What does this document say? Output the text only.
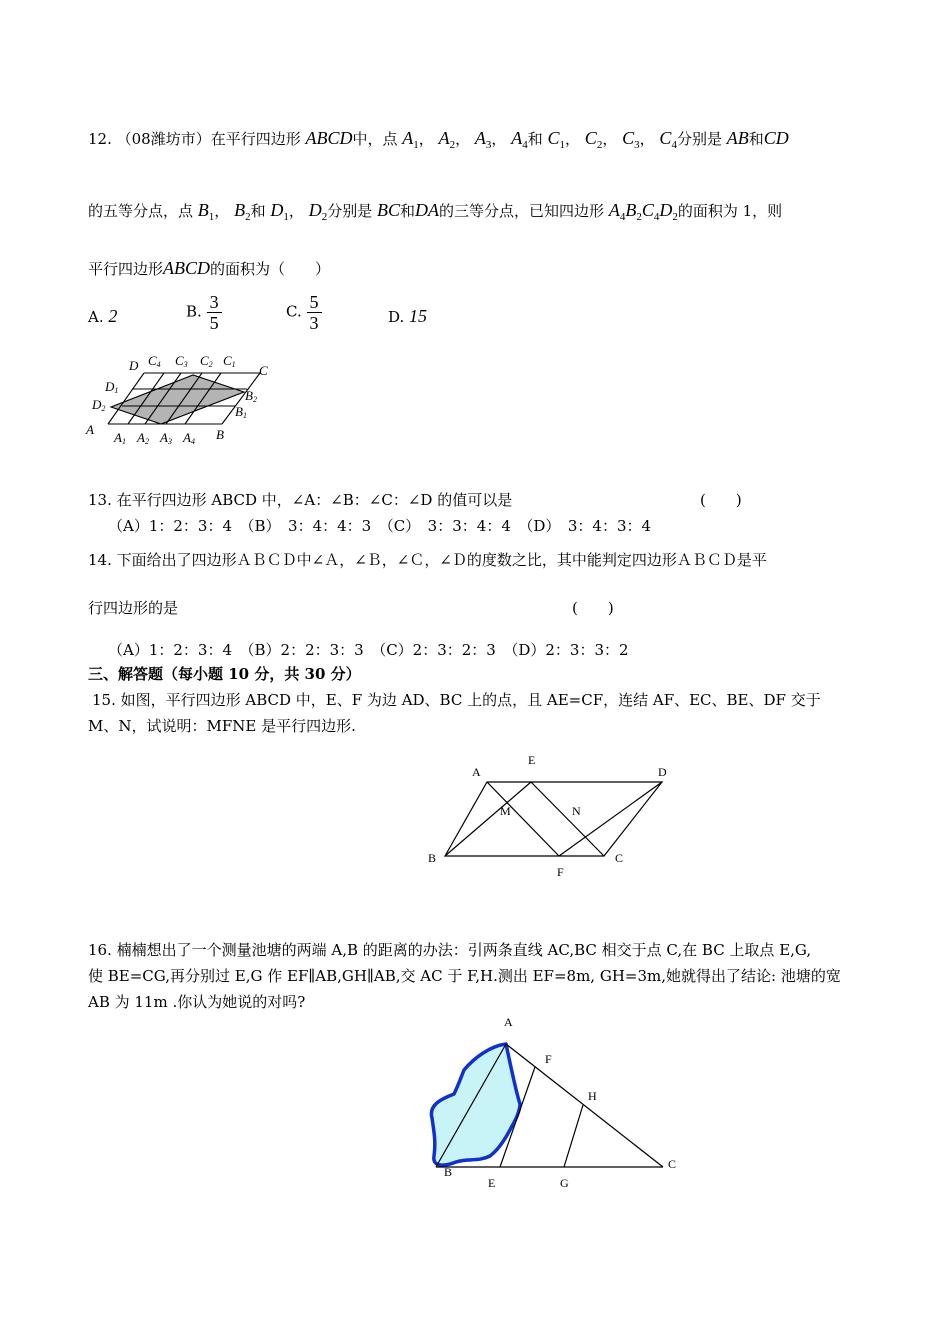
12. （08潍坊市）在平行四边形 ABCD中，点 $A_1$， $A_2$， $A_3$， $A_4$和 $C_1$， $C_2$， $C_3$， $C_4$分别是 AB和CD
的五等分点，点 $B_1$， $B_2$和 $D_1$， $D_2$分别是 BC和DA的三等分点，已知四边形 $A_4B_2C_4D_2$的面积为 1，则
平行四边形ABCD的面积为（　　）
A. 2	B. $\frac{3}{5}$	C. $\frac{5}{3}$	D. 15
D C4 C3 C2 C1 C
D1
D2
B2
B1
A	B
A1 A2 A3 A4
13. 在平行四边形 ABCD 中，∠A：∠B：∠C：∠D 的值可以是	(　　)
（A）1：2：3：4　（B）　3：4：4：3　（C）　3：3：4：4　（D）　3：4：3：4
14. 下面给出了四边形ＡＢＣＤ中∠Ａ，∠Ｂ，∠Ｃ，∠Ｄ的度数之比，其中能判定四边形ＡＢＣＤ是平
行四边形的是	(　　)
（A）1：2：3：4　（B）2：2：3：3　（C）2：3：2：3　（D）2：3：3：2
三、解答题（每小题 10 分，共 30 分）
15. 如图，平行四边形 ABCD 中，E、F 为边 AD、BC 上的点，且 AE=CF，连结 AF、EC、BE、DF 交于
M、N，试说明：MFNE 是平行四边形.
A
E
D
M	N
B
F
C
16. 楠楠想出了一个测量池塘的两端 A,B 的距离的办法：引两条直线 AC,BC 相交于点 C,在 BC 上取点 E,G,
使 BE=CG,再分别过 E,G 作 EF∥AB,GH∥AB,交 AC 于 F,H.测出 EF=8m, GH=3m,她就得出了结论: 池塘的宽
AB 为 11m .你认为她说的对吗?
A
F
H
B
E	G
C
